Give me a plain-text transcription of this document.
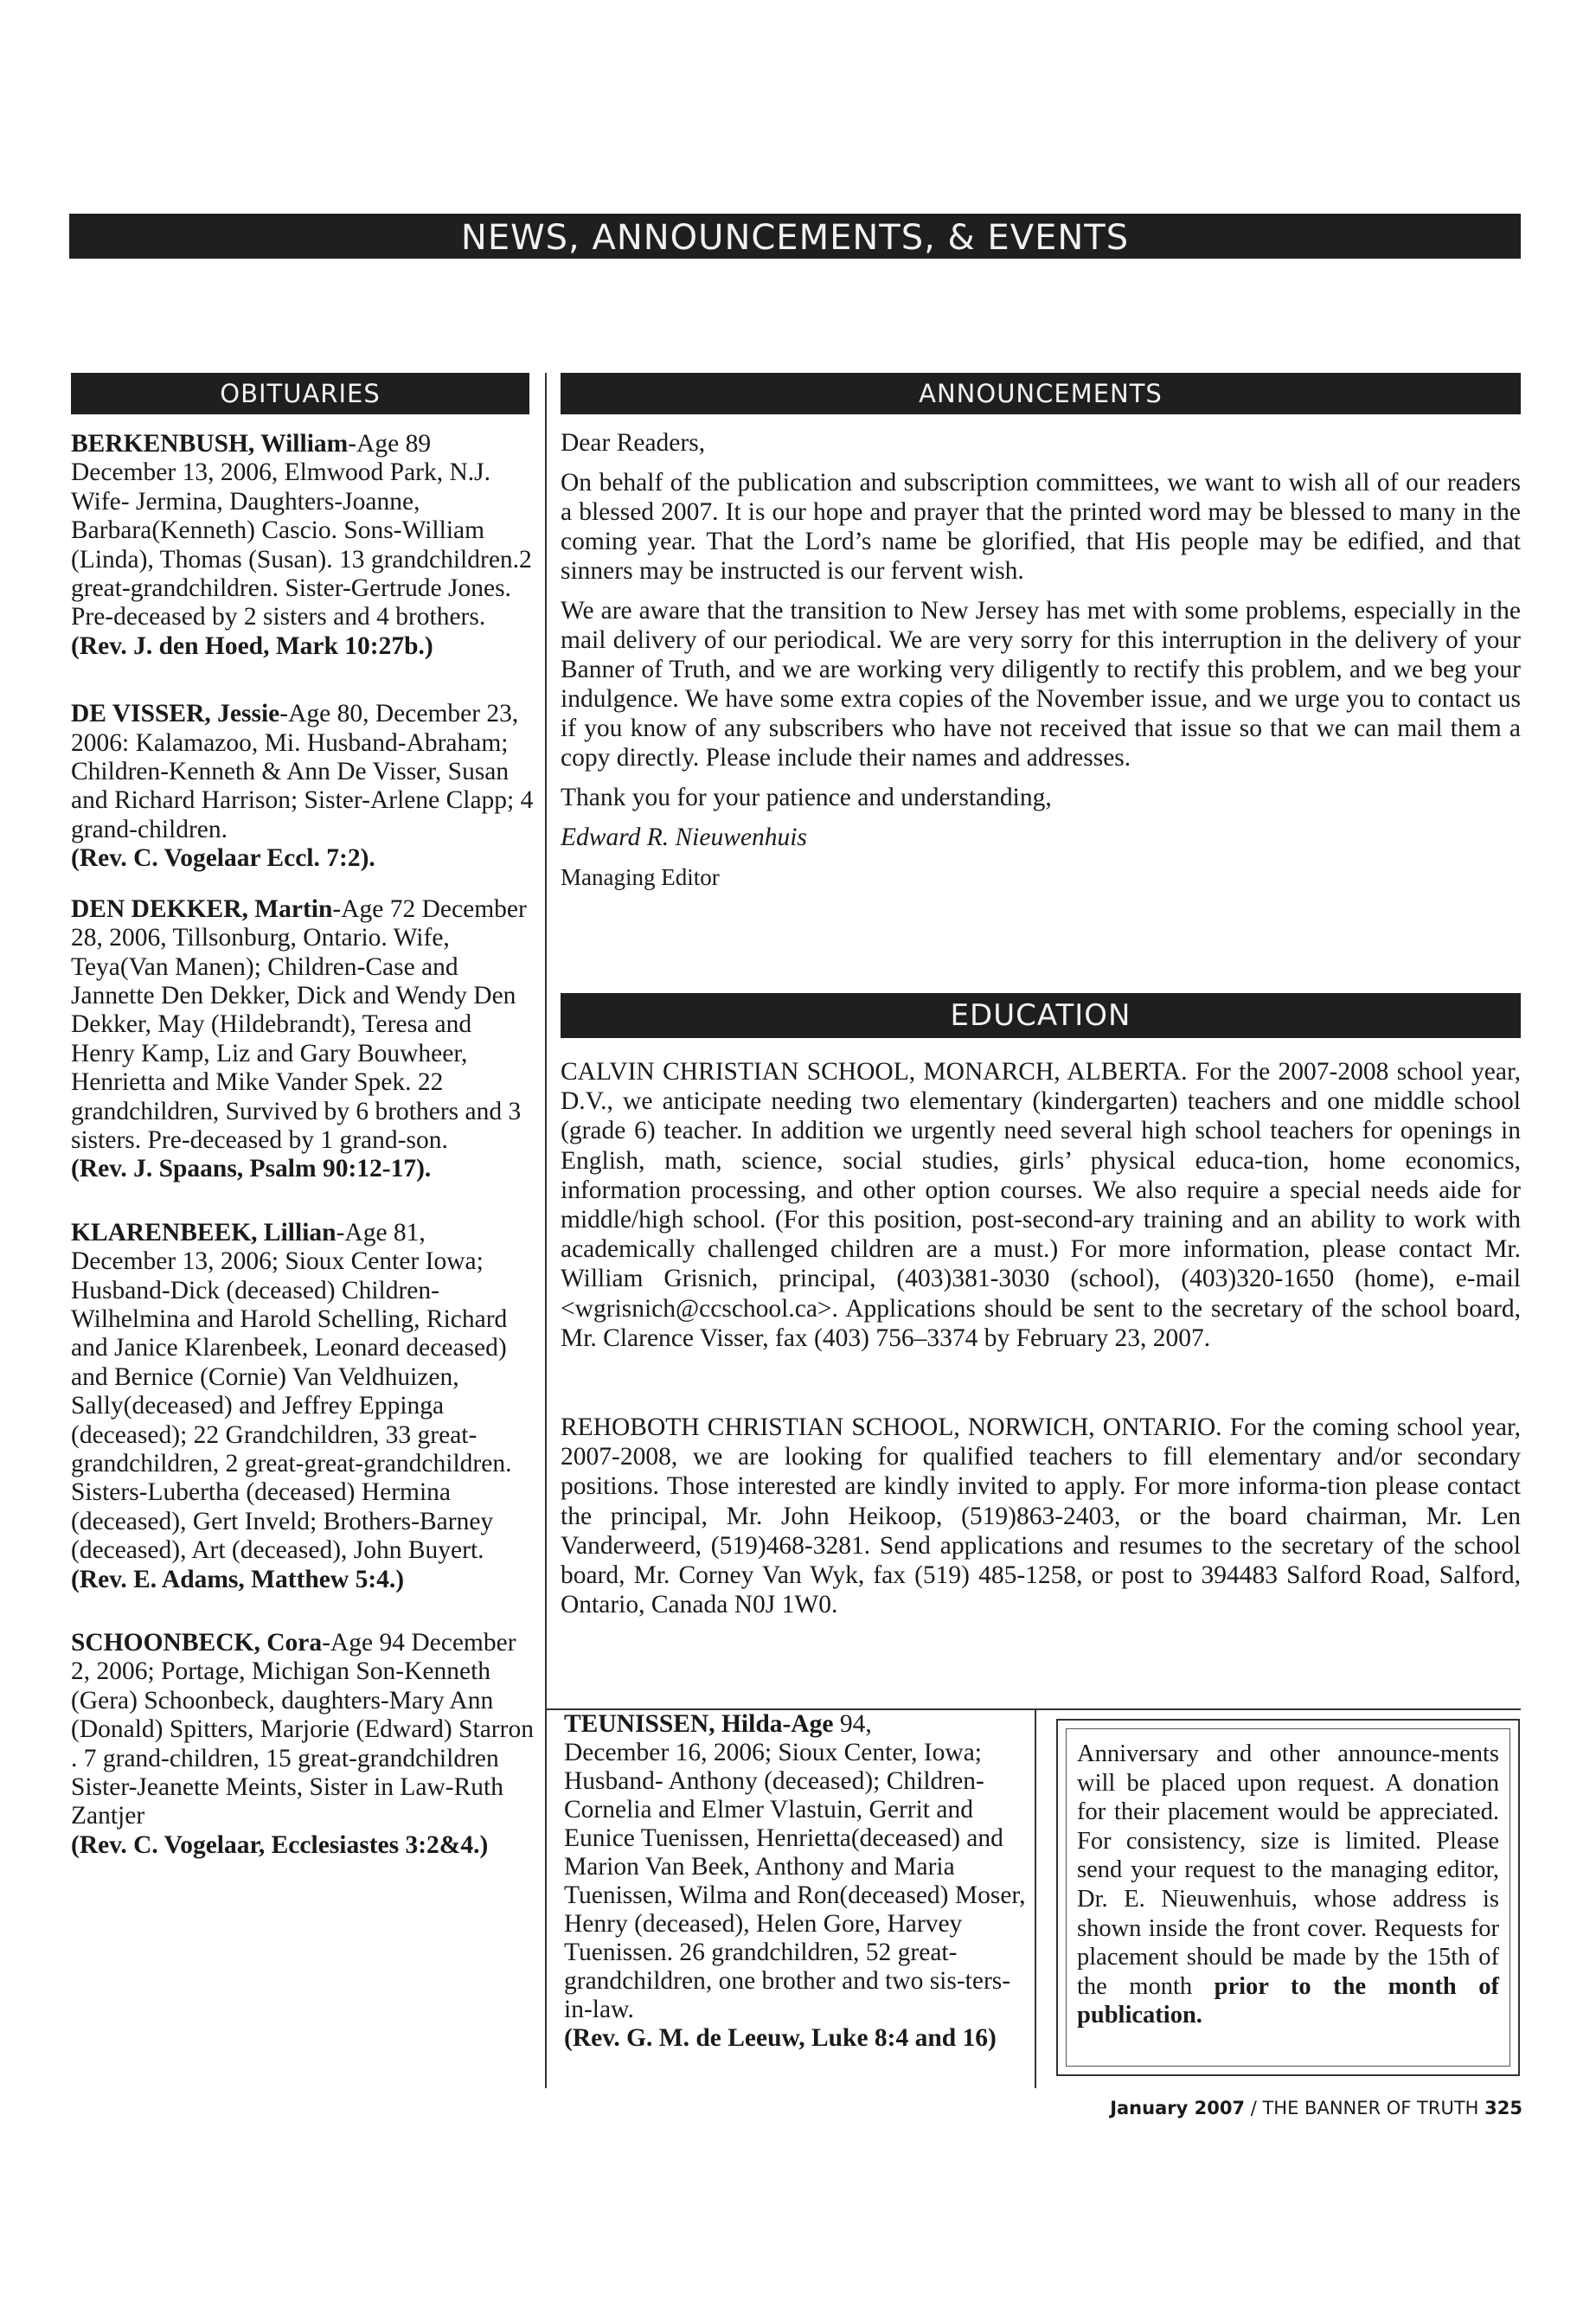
NEWS, ANNOUNCEMENTS, & EVENTS
OBITUARIES	ANNOUNCEMENTS
EDUCATION
BERKENBUSH, William-Age 89 December 13, 2006, Elmwood Park, N.J. Wife- Jermina, Daughters-Joanne, Barbara(Kenneth) Cascio. Sons-William (Linda), Thomas (Susan). 13 grandchildren.2 great-grandchildren. Sister-Gertrude Jones. Pre-deceased by 2 sisters and 4 brothers.
(Rev. J. den Hoed, Mark 10:27b.)
DE VISSER, Jessie-Age 80, December 23, 2006: Kalamazoo, Mi. Husband-Abraham; Children-Kenneth & Ann De Visser, Susan and Richard Harrison; Sister-Arlene Clapp; 4 grand-children.
(Rev. C. Vogelaar Eccl. 7:2).
DEN DEKKER, Martin-Age 72 December 28, 2006, Tillsonburg, Ontario. Wife, Teya(Van Manen); Children-Case and Jannette Den Dekker, Dick and Wendy Den Dekker, May (Hildebrandt), Teresa and Henry Kamp, Liz and Gary Bouwheer, Henrietta and Mike Vander Spek. 22 grandchildren, Survived by 6 brothers and 3 sisters. Pre-deceased by 1 grand-son.
(Rev. J. Spaans, Psalm 90:12-17).
KLARENBEEK, Lillian-Age 81, December 13, 2006; Sioux Center Iowa; Husband-Dick (deceased) Children-Wilhelmina and Harold Schelling, Richard and Janice Klarenbeek, Leonard deceased) and Bernice (Cornie) Van Veldhuizen, Sally(deceased) and Jeffrey Eppinga (deceased); 22 Grandchildren, 33 great-grandchildren, 2 great-great-grandchildren. Sisters-Lubertha (deceased) Hermina (deceased), Gert Inveld; Brothers-Barney (deceased), Art (deceased), John Buyert.
(Rev. E. Adams, Matthew 5:4.)
SCHOONBECK, Cora-Age 94 December 2, 2006; Portage, Michigan Son-Kenneth (Gera) Schoonbeck, daughters-Mary Ann (Donald) Spitters, Marjorie (Edward) Starron . 7 grand-children, 15 great-grandchildren Sister-Jeanette Meints, Sister in Law-Ruth Zantjer
(Rev. C. Vogelaar, Ecclesiastes 3:2&4.)

Dear Readers,

On behalf of the publication and subscription committees, we want to wish all of our readers a blessed 2007. It is our hope and prayer that the printed word may be blessed to many in the coming year. That the Lord’s name be glorified, that His people may be edified, and that sinners may be instructed is our fervent wish.

We are aware that the transition to New Jersey has met with some problems, especially in the mail delivery of our periodical. We are very sorry for this interruption in the delivery of your Banner of Truth, and we are working very diligently to rectify this problem, and we beg your indulgence. We have some extra copies of the November issue, and we urge you to contact us if you know of any subscribers who have not received that issue so that we can mail them a copy directly. Please include their names and addresses.

Thank you for your patience and understanding,

Edward R. Nieuwenhuis

Managing Editor

CALVIN CHRISTIAN SCHOOL, MONARCH, ALBERTA. For the 2007-2008 school year, D.V., we anticipate needing two elementary (kindergarten) teachers and one middle school (grade 6) teacher. In addition we urgently need several high school teachers for openings in English, math, science, social studies, girls’ physical educa-tion, home economics, information processing, and other option courses. We also require a special needs aide for middle/high school. (For this position, post-second-ary training and an ability to work with academically challenged children are a must.) For more information, please contact Mr. William Grisnich, principal, (403)381-3030 (school), (403)320-1650 (home), e-mail <wgrisnich@ccschool.ca>. Applications should be sent to the secretary of the school board, Mr. Clarence Visser, fax (403) 756–3374 by February 23, 2007.

REHOBOTH CHRISTIAN SCHOOL, NORWICH, ONTARIO. For the coming school year, 2007-2008, we are looking for qualified teachers to fill elementary and/or secondary positions. Those interested are kindly invited to apply. For more informa-tion please contact the principal, Mr. John Heikoop, (519)863-2403, or the board chairman, Mr. Len Vanderweerd, (519)468-3281. Send applications and resumes to the secretary of the school board, Mr. Corney Van Wyk, fax (519) 485-1258, or post to 394483 Salford Road, Salford, Ontario, Canada N0J 1W0.

TEUNISSEN, Hilda-Age 94,
December 16, 2006; Sioux Center, Iowa; Husband- Anthony (deceased); Children- Cornelia and Elmer Vlastuin, Gerrit and Eunice Tuenissen, Henrietta(deceased) and Marion Van Beek, Anthony and Maria Tuenissen, Wilma and Ron(deceased) Moser, Henry (deceased), Helen Gore, Harvey Tuenissen. 26 grandchildren, 52 great-grandchildren, one brother and two sis-ters-in-law.
(Rev. G. M. de Leeuw, Luke 8:4 and 16)
Anniversary and other announce-ments will be placed upon request. A donation for their placement would be appreciated. For consistency, size is limited. Please send your request to the managing editor, Dr. E. Nieuwenhuis, whose address is shown inside the front cover. Requests for placement should be made by the 15th of the month prior to the month of publication.
January 2007 / THE BANNER OF TRUTH 325
